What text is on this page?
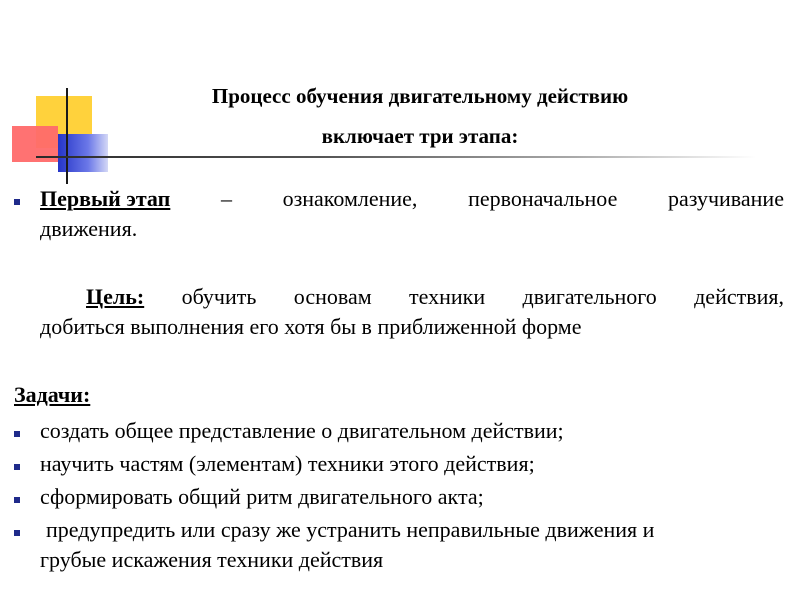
Процесс обучения двигательному действию
включает три этапа:
Первый этап – ознакомление, первоначальное разучивание
движения.
Цель: обучить основам техники двигательного действия,
добиться выполнения его хотя бы в приближенной форме
Задачи:
создать общее представление о двигательном действии;
научить частям (элементам) техники этого действия;
сформировать общий ритм двигательного акта;
предупредить или сразу же устранить неправильные движения и
грубые искажения техники действия
